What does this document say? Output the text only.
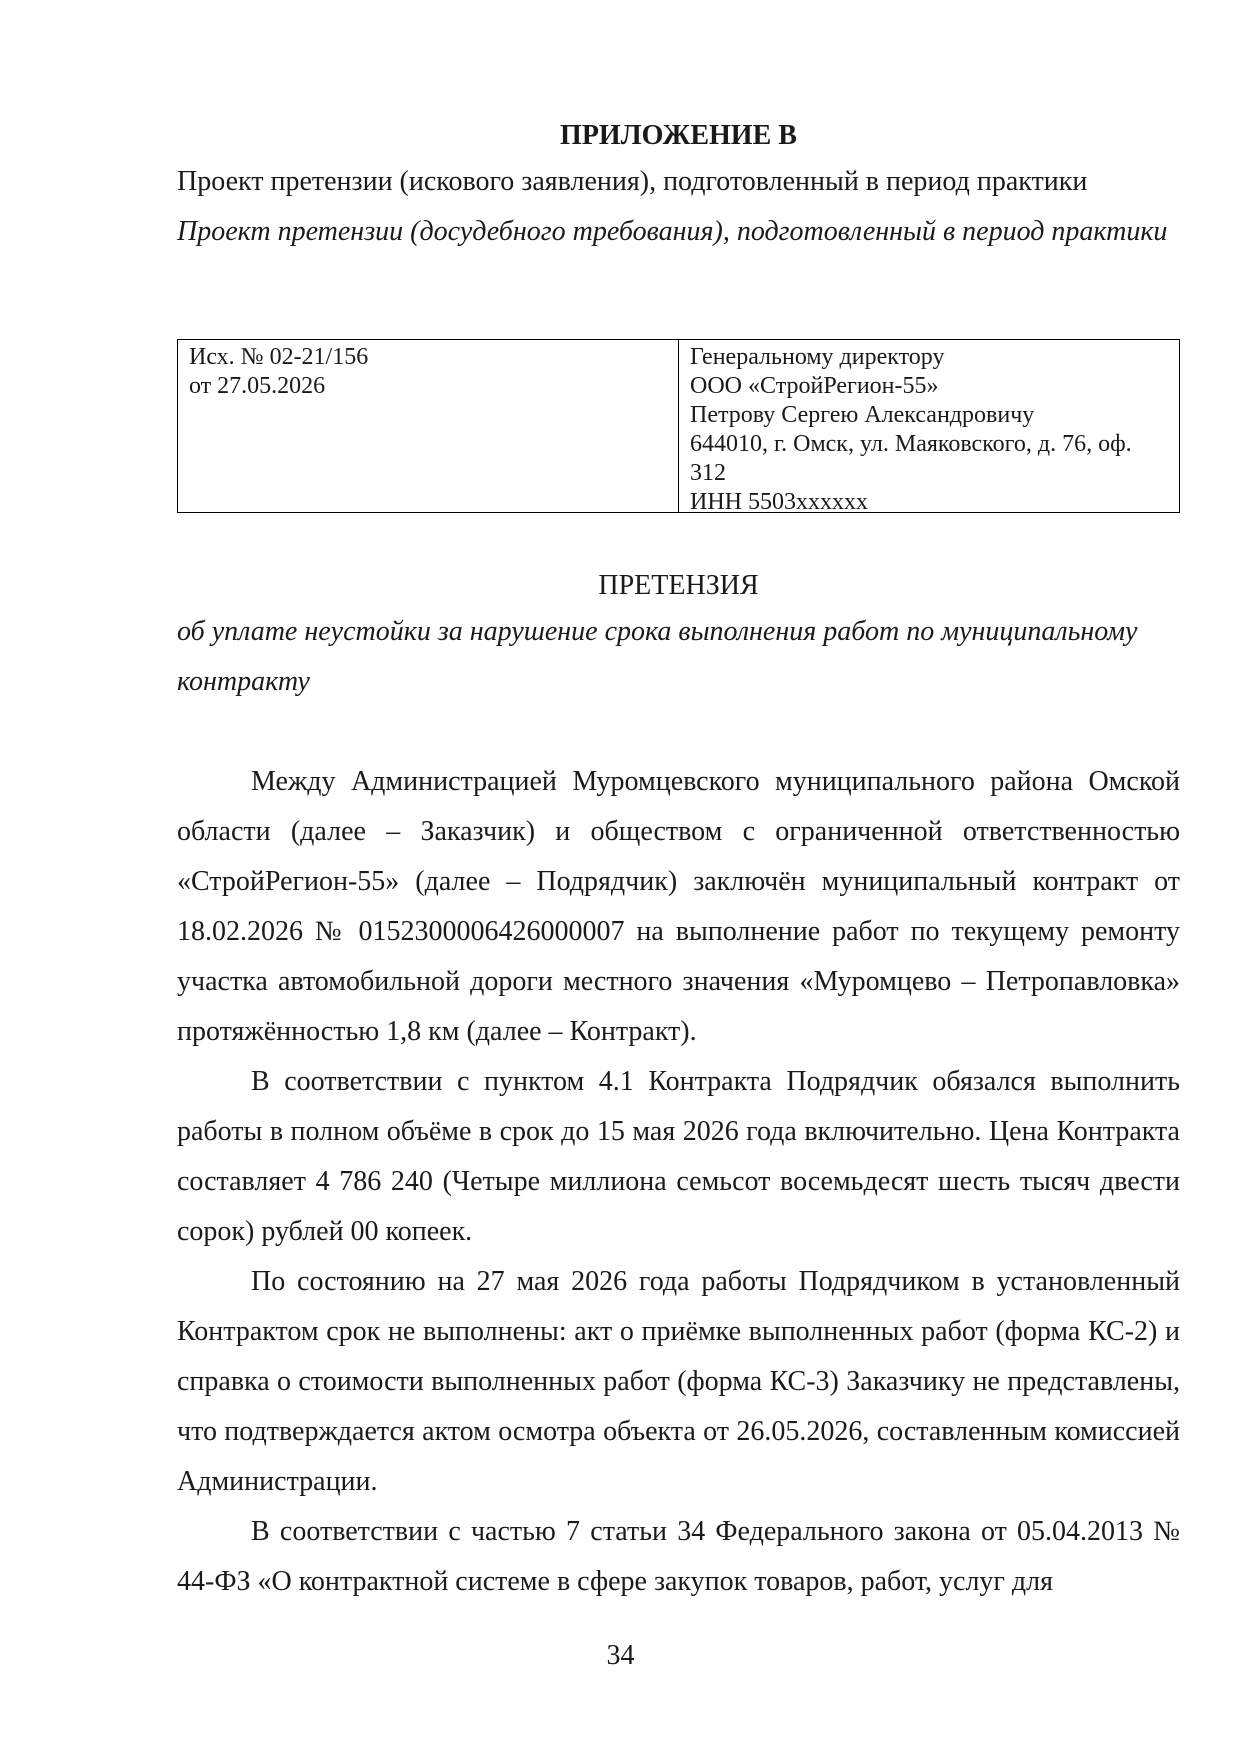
ПРИЛОЖЕНИЕ В
Проект претензии (искового заявления), подготовленный в период практики
Проект претензии (досудебного требования), подготовленный в период практики
Исх. № 02-21/156
от 27.05.2026
Генеральному директору
ООО «СтройРегион-55»
Петрову Сергею Александровичу
644010, г. Омск, ул. Маяковского, д. 76, оф.
312
ИНН 5503xxxxxx
ПРЕТЕНЗИЯ
об уплате неустойки за нарушение срока выполнения работ по муниципальному контракту

Между Администрацией Муромцевского муниципального района Омской области (далее – Заказчик) и обществом с ограниченной ответственностью «СтройРегион-55» (далее – Подрядчик) заключён муниципальный контракт от 18.02.2026 № 0152300006426000007 на выполнение работ по текущему ремонту участка автомобильной дороги местного значения «Муромцево – Петропавловка» протяжённостью 1,8 км (далее – Контракт).

В соответствии с пунктом 4.1 Контракта Подрядчик обязался выполнить работы в полном объёме в срок до 15 мая 2026 года включительно. Цена Контракта составляет 4 786 240 (Четыре миллиона семьсот восемьдесят шесть тысяч двести сорок) рублей 00 копеек.

По состоянию на 27 мая 2026 года работы Подрядчиком в установленный Контрактом срок не выполнены: акт о приёмке выполненных работ (форма КС-2) и справка о стоимости выполненных работ (форма КС-3) Заказчику не представлены, что подтверждается актом осмотра объекта от 26.05.2026, составленным комиссией Администрации.

В соответствии с частью 7 статьи 34 Федерального закона от 05.04.2013 № 44-ФЗ «О контрактной системе в сфере закупок товаров, работ, услуг для

34
